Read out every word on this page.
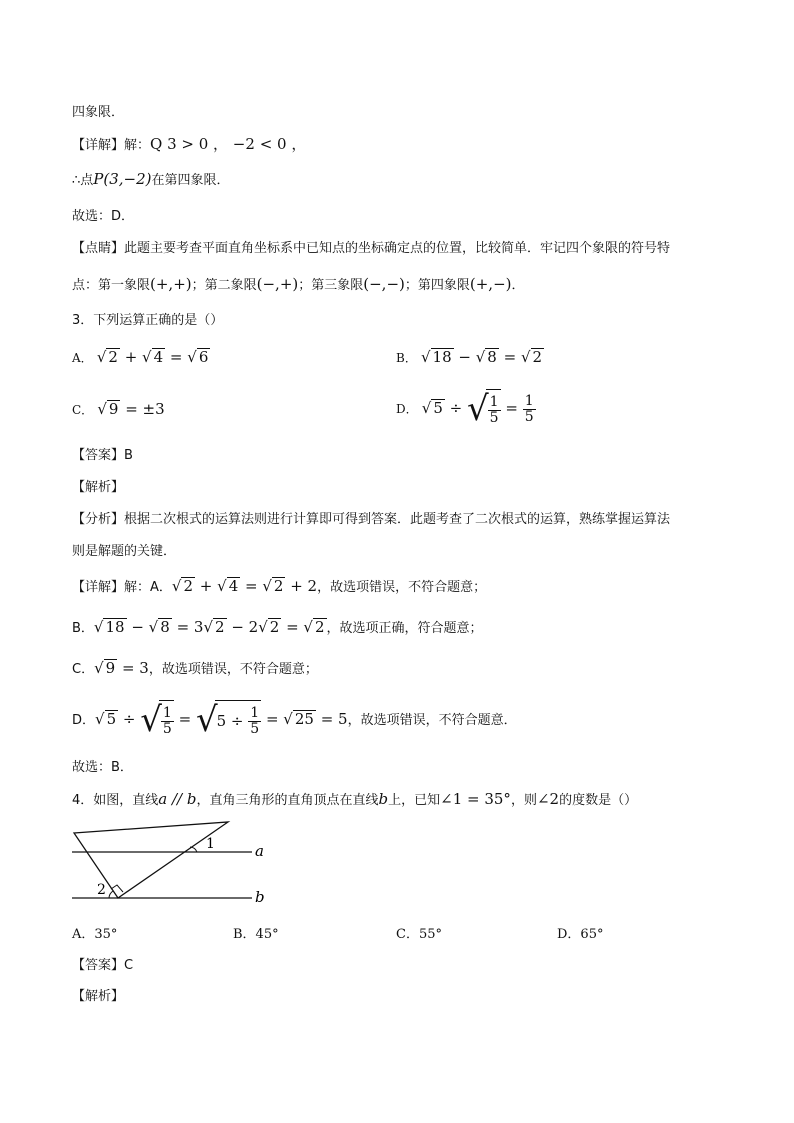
四象限．
【详解】解：Q 3 > 0 ， −2 < 0 ，
∴点P(3,−2)在第四象限．
故选：D．
【点睛】此题主要考查平面直角坐标系中已知点的坐标确定点的位置，比较简单．牢记四个象限的符号特
点：第一象限(+,+)；第二象限(−,+)；第三象限(−,−)；第四象限(+,−)．
3．下列运算正确的是（）
A． √ 2 + √ 4 = √ 6	B． √ 18 − √ 8 = √ 2
C． √ 9 = ±3	D． √ 5 ÷ √ $\frac{1}{5} = \frac{1}{5}$
【答案】B
【解析】
【分析】根据二次根式的运算法则进行计算即可得到答案．此题考查了二次根式的运算，熟练掌握运算法
则是解题的关键．
【详解】解：A．√ 2 + √ 4 = √ 2 + 2，故选项错误，不符合题意；
B．√ 18 − √ 8 = 3√ 2 − 2√ 2 = √ 2 ，故选项正确，符合题意；
C．√ 9 = 3，故选项错误，不符合题意；
D．√ 5 ÷ √ $\frac{1}{5} = √5 \div \frac{1}{5}$ = √ 25 = 5，故选项错误，不符合题意．
故选：B．
4．如图，直线a // b，直角三角形的直角顶点在直线b上，已知∠1 = 35°，则∠2的度数是（）
1
2
a
b
A．35°	B．45°	C．55°	D．65°
【答案】C
【解析】
